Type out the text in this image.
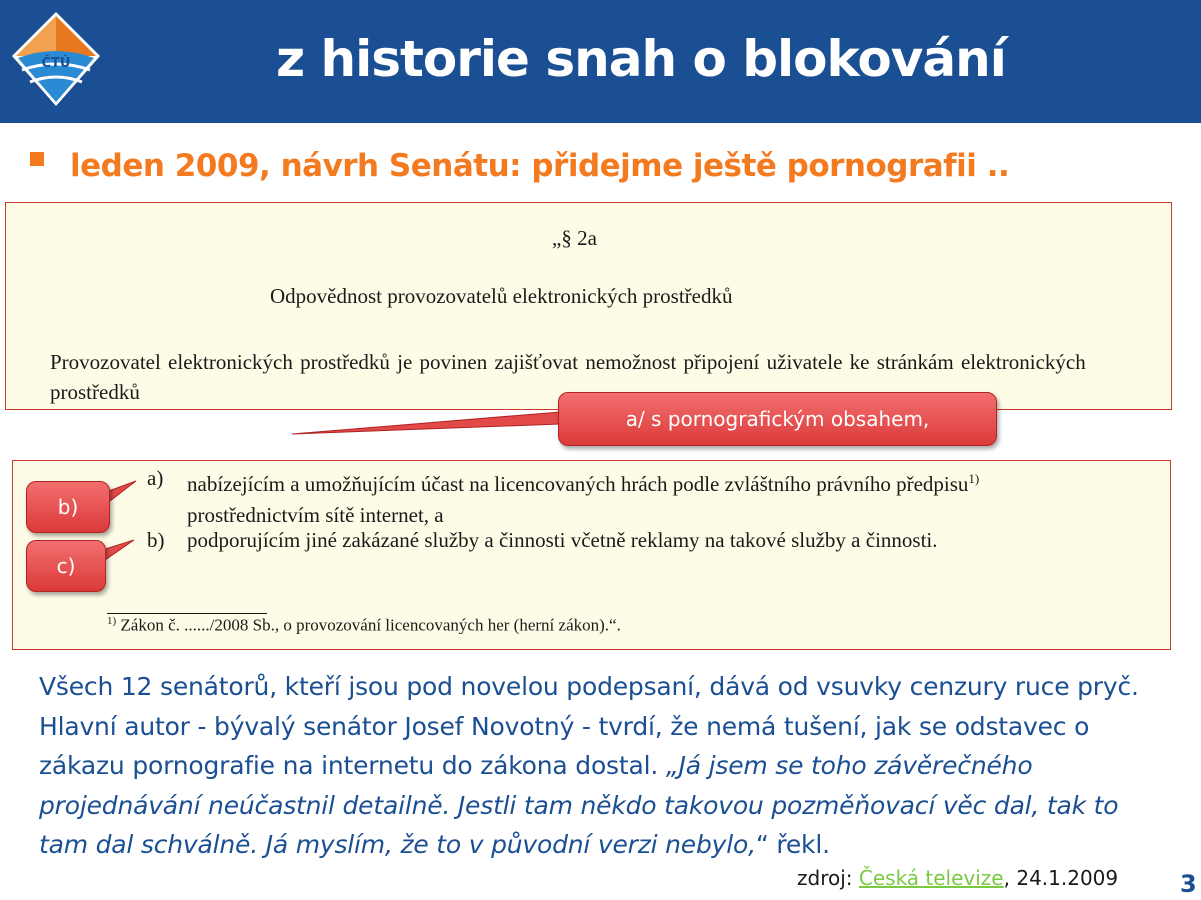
ČTÚ	z historie snah o blokování
leden 2009, návrh Senátu: přidejme ještě pornografii ..
„§ 2a
Odpovědnost provozovatelů elektronických prostředků
Provozovatel elektronických prostředků je povinen zajišťovat nemožnost připojení uživatele ke stránkám elektronických prostředků
a)	nabízejícím a umožňujícím účast na licencovaných hrách podle zvláštního právního předpisu$^{1)}$ prostřednictvím sítě internet, a
b)	podporujícím jiné zakázané služby a činnosti včetně reklamy na takové služby a činnosti.
$^{1)}$ Zákon č. ....../2008 Sb., o provozování licencovaných her (herní zákon).“.
a/ s pornografickým obsahem,
b)
c)
Všech 12 senátorů, kteří jsou pod novelou podepsaní, dává od vsuvky cenzury ruce pryč. Hlavní autor - bývalý senátor Josef Novotný - tvrdí, že nemá tušení, jak se odstavec o zákazu pornografie na internetu do zákona dostal. „Já jsem se toho závěrečného projednávání neúčastnil detailně. Jestli tam někdo takovou pozměňovací věc dal, tak to tam dal schválně. Já myslím, že to v původní verzi nebylo,“ řekl.
zdroj: Česká televize, 24.1.2009	3
